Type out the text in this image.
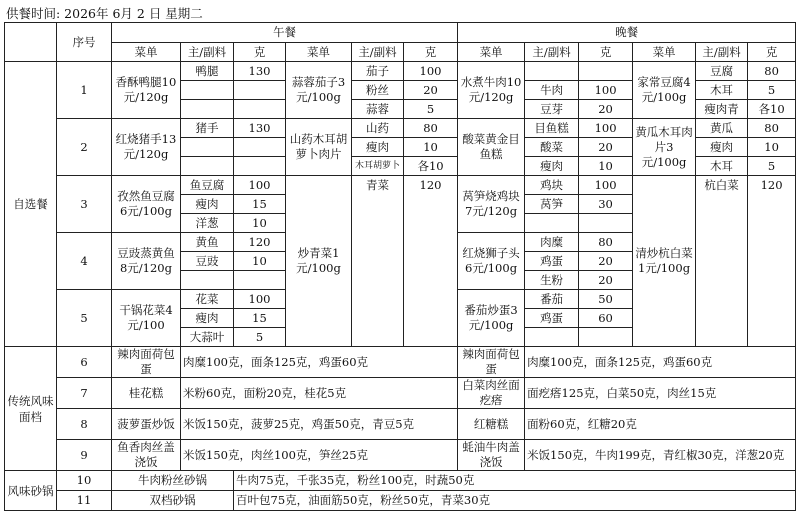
供餐时间: 2026年 6月 2 日 星期二
	序号	午餐						晚餐					
		菜单	主/副料	克	菜单	主/副料	克	菜单	主/副料	克	菜单	主/副料	克
自选餐	1	香酥鸭腿10元/120g	鸭腿	130	蒜蓉茄子3元/100g	茄子	100	水煮牛肉10元/120g			家常豆腐4元/100g	豆腐	80
						粉丝	20		牛肉	100		木耳	5
						蒜蓉	5		豆芽	20		瘦肉青	各10
	2	红烧猪手13元/120g	猪手	130	山药木耳胡萝卜肉片	山药	80	酸菜黄金目鱼糕	目鱼糕	100	黄瓜木耳肉片3元/100g	黄瓜	80
						瘦肉	10		酸菜	20		瘦肉	10
						木耳胡萝卜	各10		瘦肉	10		木耳	5
	3	孜然鱼豆腐6元/100g	鱼豆腐	100	炒青菜1元/100g	青菜	120	莴笋烧鸡块7元/120g	鸡块	100	清炒杭白菜1元/100g	杭白菜	120
			瘦肉	15					莴笋	30			
			洋葱	10									
	4	豆豉蒸黄鱼8元/120g	黄鱼	120				红烧狮子头6元/100g	肉糜	80			
			豆豉	10					鸡蛋	20			
									生粉	20			
	5	干锅花菜4元/100	花菜	100				番茄炒蛋3元/100g	番茄	50			
			瘦肉	15					鸡蛋	60			
			大蒜叶	5									
传统风味面档	6	辣肉面荷包蛋	肉糜100克，面条125克，鸡蛋60克					辣肉面荷包蛋	肉糜100克，面条125克，鸡蛋60克				
	7	桂花糕	米粉60克，面粉20克，桂花5克					白菜肉丝面疙瘩	面疙瘩125克，白菜50克，肉丝15克				
	8	菠萝蛋炒饭	米饭150克，菠萝25克，鸡蛋50克，青豆5克					红糖糕	面粉60克，红糖20克				
	9	鱼香肉丝盖浇饭	米饭150克，肉丝100克，笋丝25克					蚝油牛肉盖浇饭	米饭150克，牛肉199克，青红椒30克，洋葱20克				
风味砂锅	10	牛肉粉丝砂锅		牛肉75克，千张35克，粉丝100克，时蔬50克									
	11	双档砂锅		百叶包75克，油面筋50克，粉丝50克，青菜30克									
